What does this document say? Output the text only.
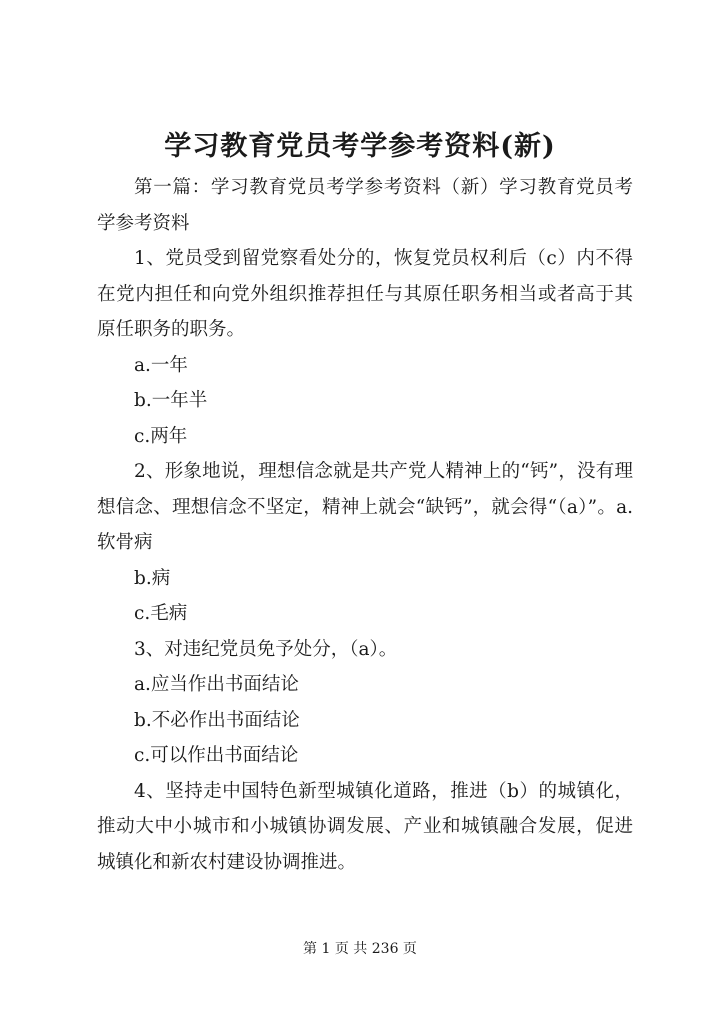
学习教育党员考学参考资料(新)

第一篇：学习教育党员考学参考资料（新）学习教育党员考学参考资料

1、党员受到留党察看处分的，恢复党员权利后（c）内不得在党内担任和向党外组织推荐担任与其原任职务相当或者高于其原任职务的职务。

a.一年

b.一年半

c.两年

2、形象地说，理想信念就是共产党人精神上的“钙”，没有理想信念、理想信念不坚定，精神上就会“缺钙”，就会得“（a）”。a.软骨病

b.病

c.毛病

3、对违纪党员免予处分，（a）。

a.应当作出书面结论

b.不必作出书面结论

c.可以作出书面结论

4、坚持走中国特色新型城镇化道路，推进（b）的城镇化，推动大中小城市和小城镇协调发展、产业和城镇融合发展，促进城镇化和新农村建设协调推进。

第 1 页 共 236 页
